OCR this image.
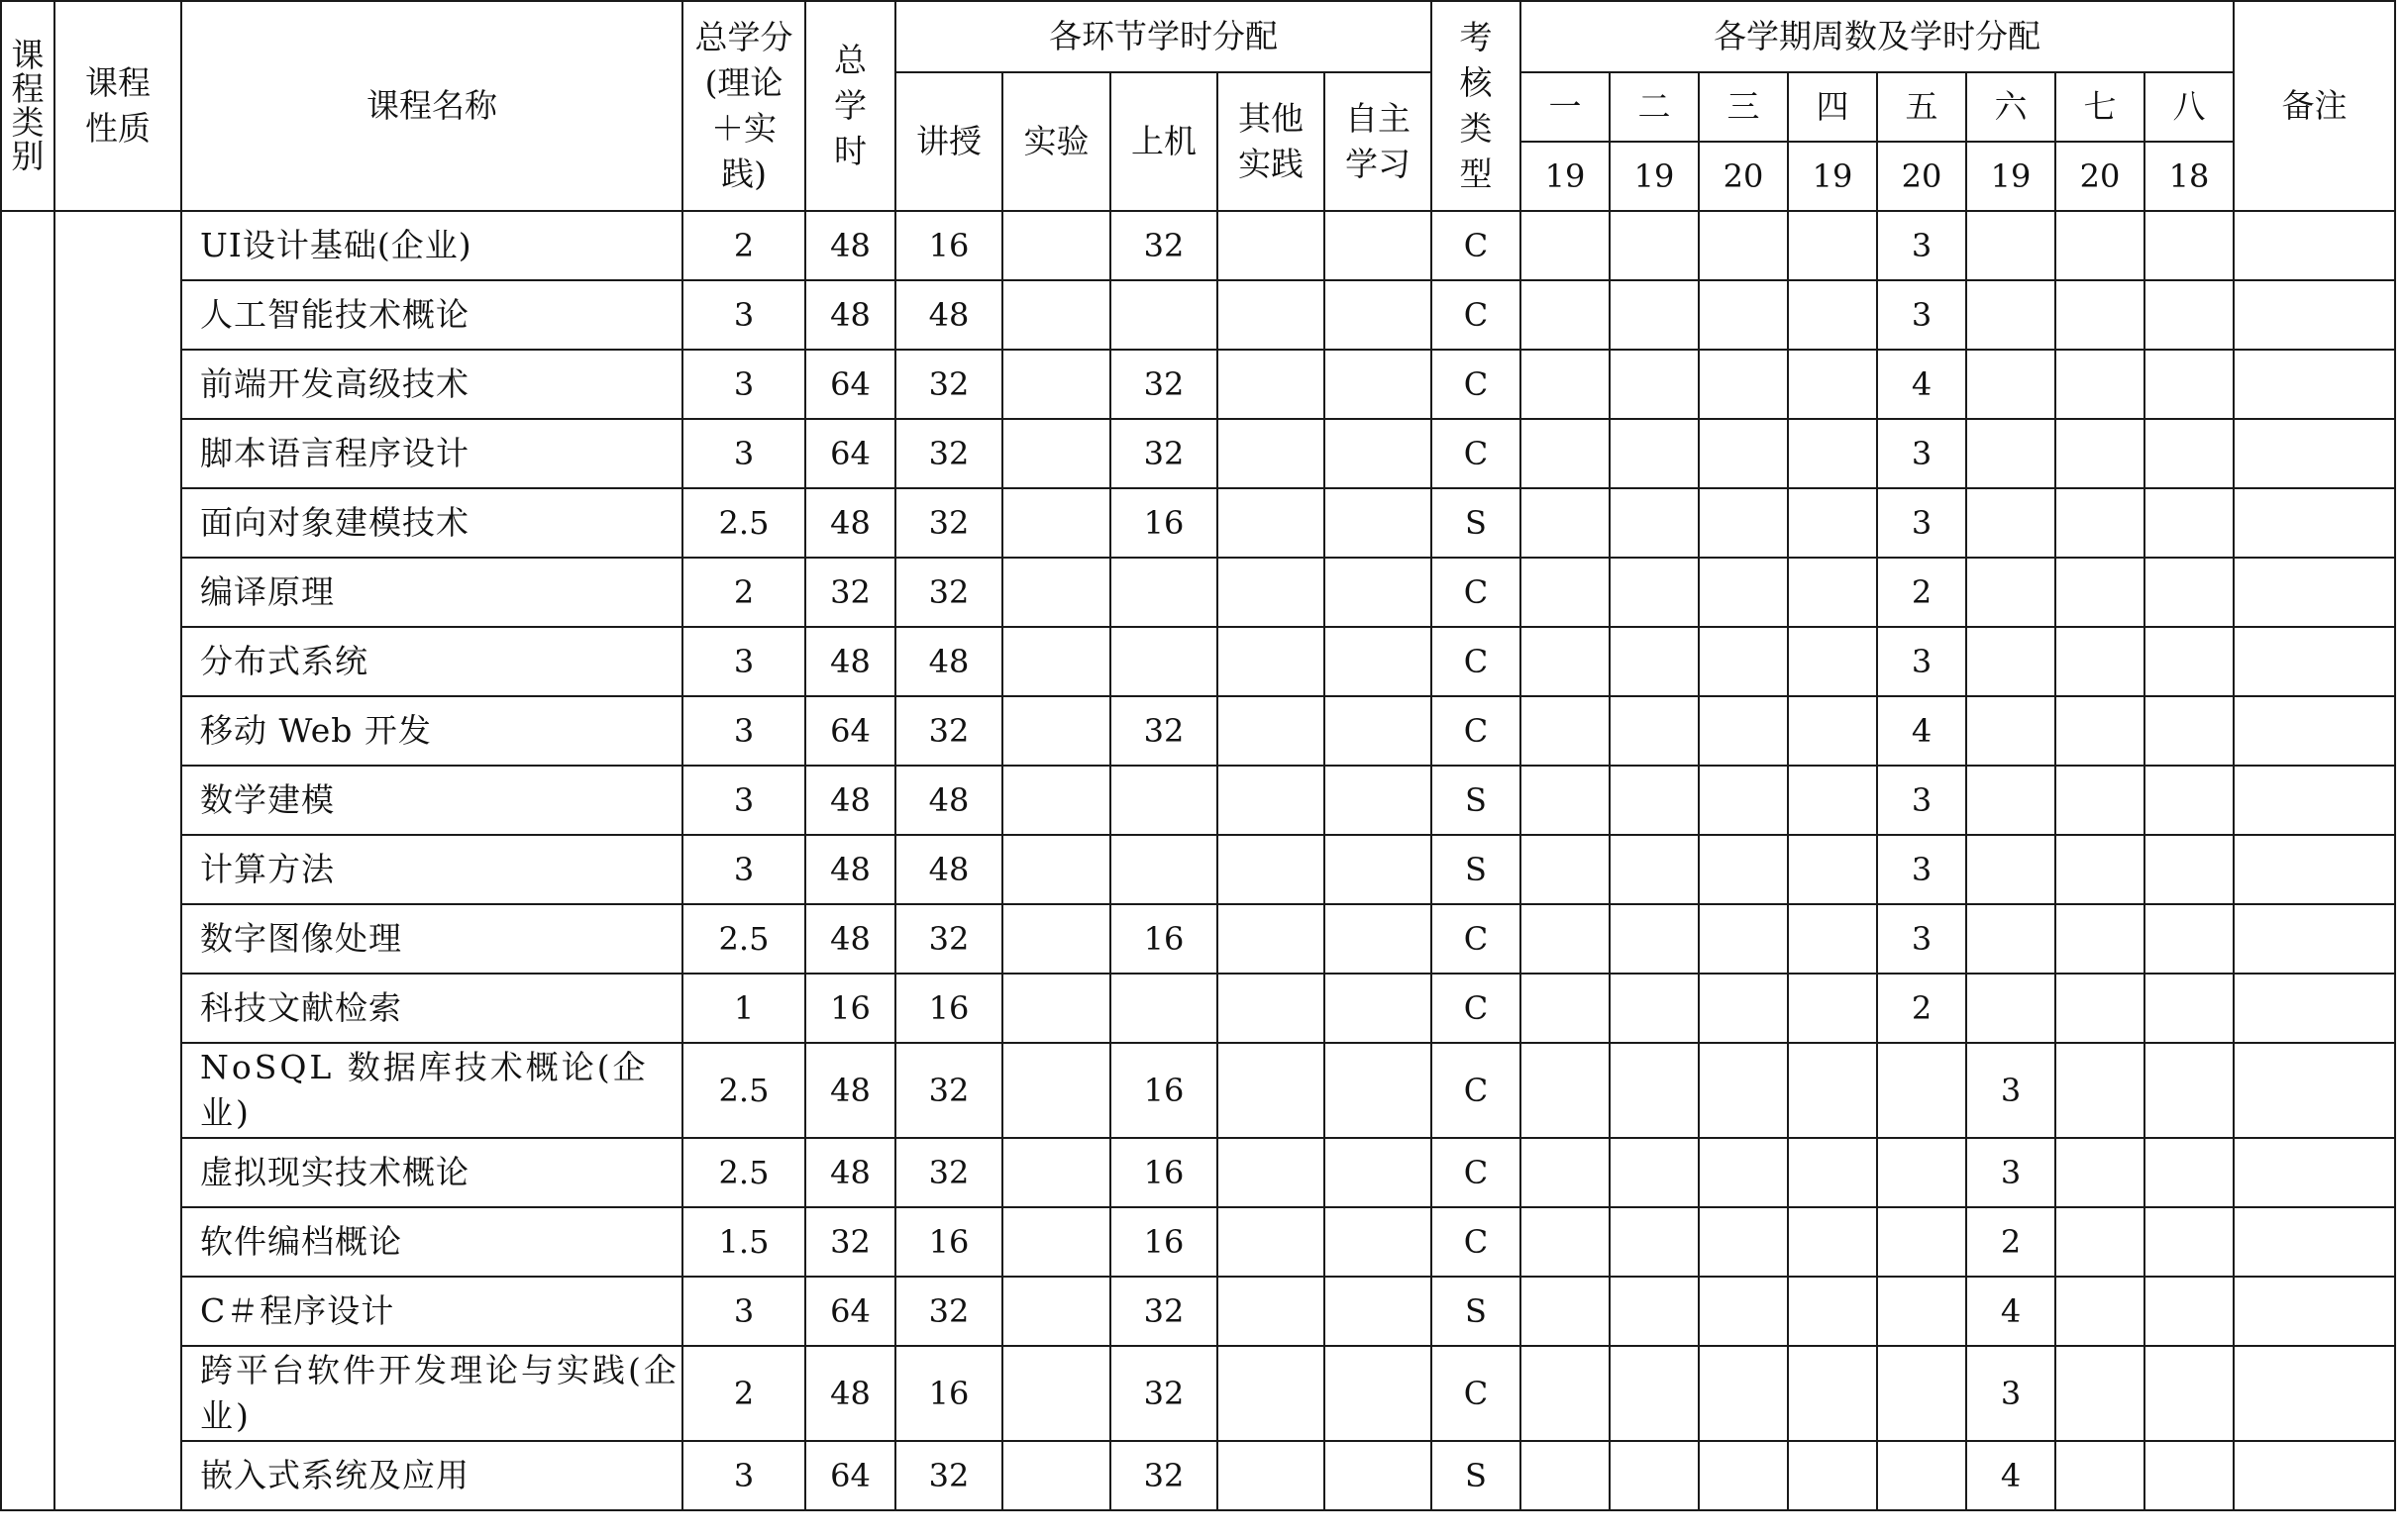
课程类别	课程性质	课程名称	总学分(理论＋实践)	总学时	各环节学时分配					考核类型	各学期周数及学时分配								备注
					讲授	实验	上机	其他实践	自主学习		一	二	三	四	五	六	七	八	
											19	19	20	19	20	19	20	18	
		UI设计基础(企业)	2	48	16		32			C					3				
		人工智能技术概论	3	48	48					C					3				
		前端开发高级技术	3	64	32		32			C					4				
		脚本语言程序设计	3	64	32		32			C					3				
		面向对象建模技术	2.5	48	32		16			S					3				
		编译原理	2	32	32					C					2				
		分布式系统	3	48	48					C					3				
		移动 Web 开发	3	64	32		32			C					4				
		数学建模	3	48	48					S					3				
		计算方法	3	48	48					S					3				
		数字图像处理	2.5	48	32		16			C					3				
		科技文献检索	1	16	16					C					2				
		NoSQL 数据库技术概论(企业)	2.5	48	32		16			C						3			
		虚拟现实技术概论	2.5	48	32		16			C						3			
		软件编档概论	1.5	32	16		16			C						2			
		C＃程序设计	3	64	32		32			S						4			
		跨平台软件开发理论与实践(企业)	2	48	16		32			C						3			
		嵌入式系统及应用	3	64	32		32			S						4			
